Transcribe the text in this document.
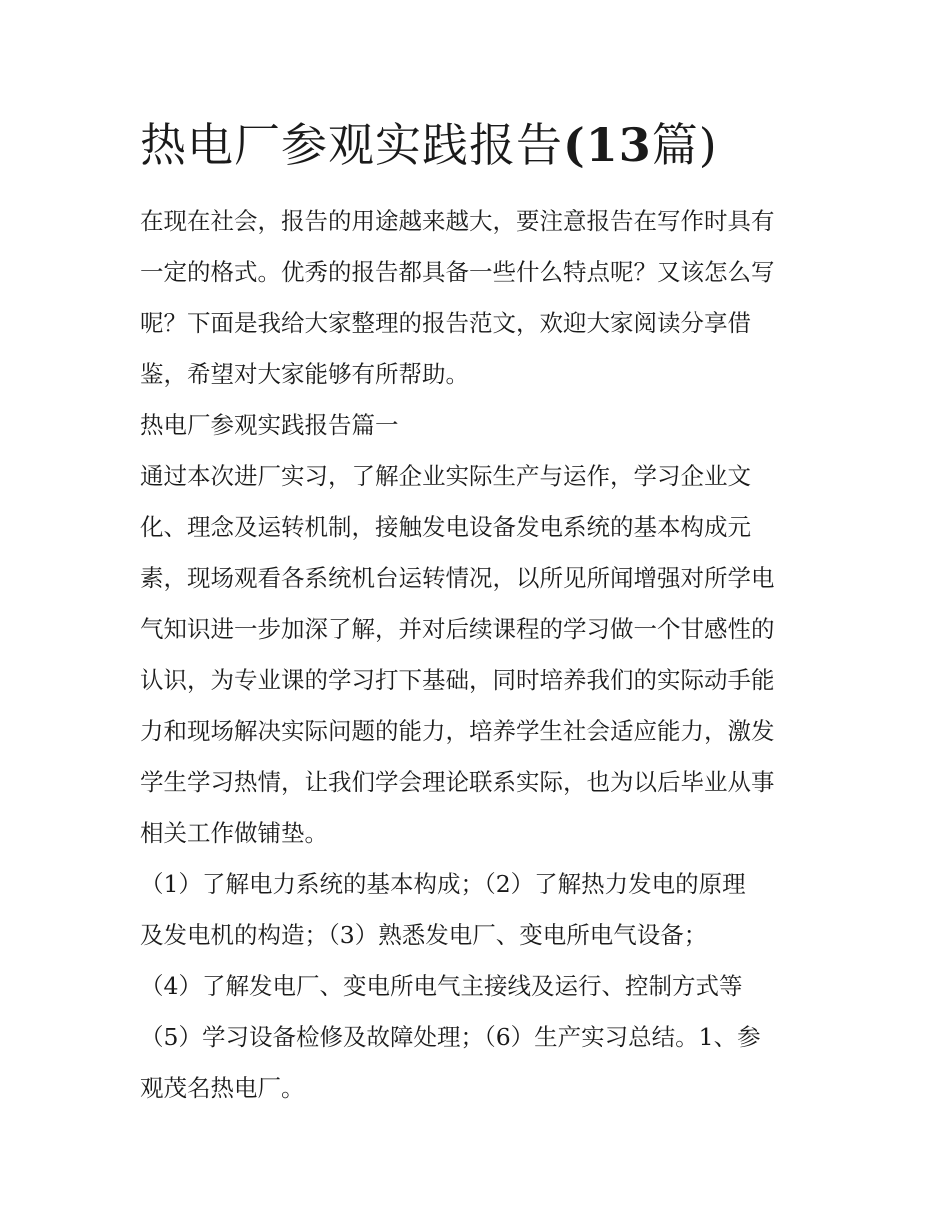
热电厂参观实践报告(13篇)
在现在社会，报告的用途越来越大，要注意报告在写作时具有
一定的格式。优秀的报告都具备一些什么特点呢？又该怎么写
呢？下面是我给大家整理的报告范文，欢迎大家阅读分享借
鉴，希望对大家能够有所帮助。
热电厂参观实践报告篇一
通过本次进厂实习，了解企业实际生产与运作，学习企业文
化、理念及运转机制，接触发电设备发电系统的基本构成元
素，现场观看各系统机台运转情况，以所见所闻增强对所学电
气知识进一步加深了解，并对后续课程的学习做一个甘感性的
认识，为专业课的学习打下基础，同时培养我们的实际动手能
力和现场解决实际问题的能力，培养学生社会适应能力，激发
学生学习热情，让我们学会理论联系实际，也为以后毕业从事
相关工作做铺垫。
（1）了解电力系统的基本构成；（2）了解热力发电的原理
及发电机的构造；（3）熟悉发电厂、变电所电气设备；
（4）了解发电厂、变电所电气主接线及运行、控制方式等
（5）学习设备检修及故障处理；（6）生产实习总结。1、参
观茂名热电厂。
